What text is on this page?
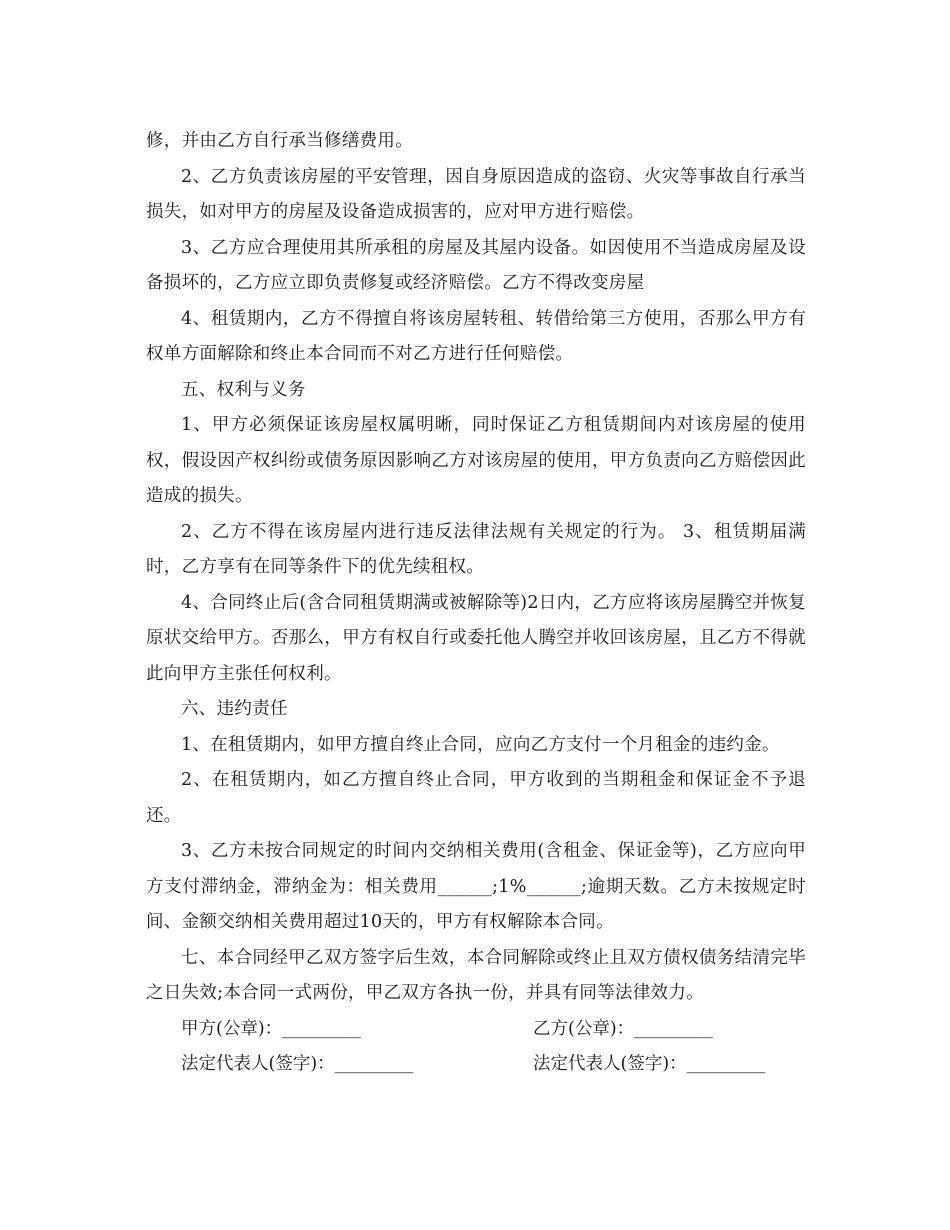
修，并由乙方自行承当修缮费用。

2、乙方负责该房屋的平安管理，因自身原因造成的盗窃、火灾等事故自行承当损失，如对甲方的房屋及设备造成损害的，应对甲方进行赔偿。

3、乙方应合理使用其所承租的房屋及其屋内设备。如因使用不当造成房屋及设备损坏的，乙方应立即负责修复或经济赔偿。乙方不得改变房屋

4、租赁期内，乙方不得擅自将该房屋转租、转借给第三方使用，否那么甲方有权单方面解除和终止本合同而不对乙方进行任何赔偿。

五、权利与义务

1、甲方必须保证该房屋权属明晰，同时保证乙方租赁期间内对该房屋的使用权，假设因产权纠纷或债务原因影响乙方对该房屋的使用，甲方负责向乙方赔偿因此造成的损失。

2、乙方不得在该房屋内进行违反法律法规有关规定的行为。 3、租赁期届满时，乙方享有在同等条件下的优先续租权。

4、合同终止后(含合同租赁期满或被解除等)2日内，乙方应将该房屋腾空并恢复原状交给甲方。否那么，甲方有权自行或委托他人腾空并收回该房屋，且乙方不得就此向甲方主张任何权利。

六、违约责任

1、在租赁期内，如甲方擅自终止合同，应向乙方支付一个月租金的违约金。

2、在租赁期内，如乙方擅自终止合同，甲方收到的当期租金和保证金不予退还。

3、乙方未按合同规定的时间内交纳相关费用(含租金、保证金等)，乙方应向甲方支付滞纳金，滞纳金为：相关费用______;1%______;逾期天数。乙方未按规定时间、金额交纳相关费用超过10天的，甲方有权解除本合同。

七、本合同经甲乙双方签字后生效，本合同解除或终止且双方债权债务结清完毕之日失效;本合同一式两份，甲乙双方各执一份，并具有同等法律效力。

甲方(公章)：_________	乙方(公章)：_________
法定代表人(签字)：_________	法定代表人(签字)：_________
